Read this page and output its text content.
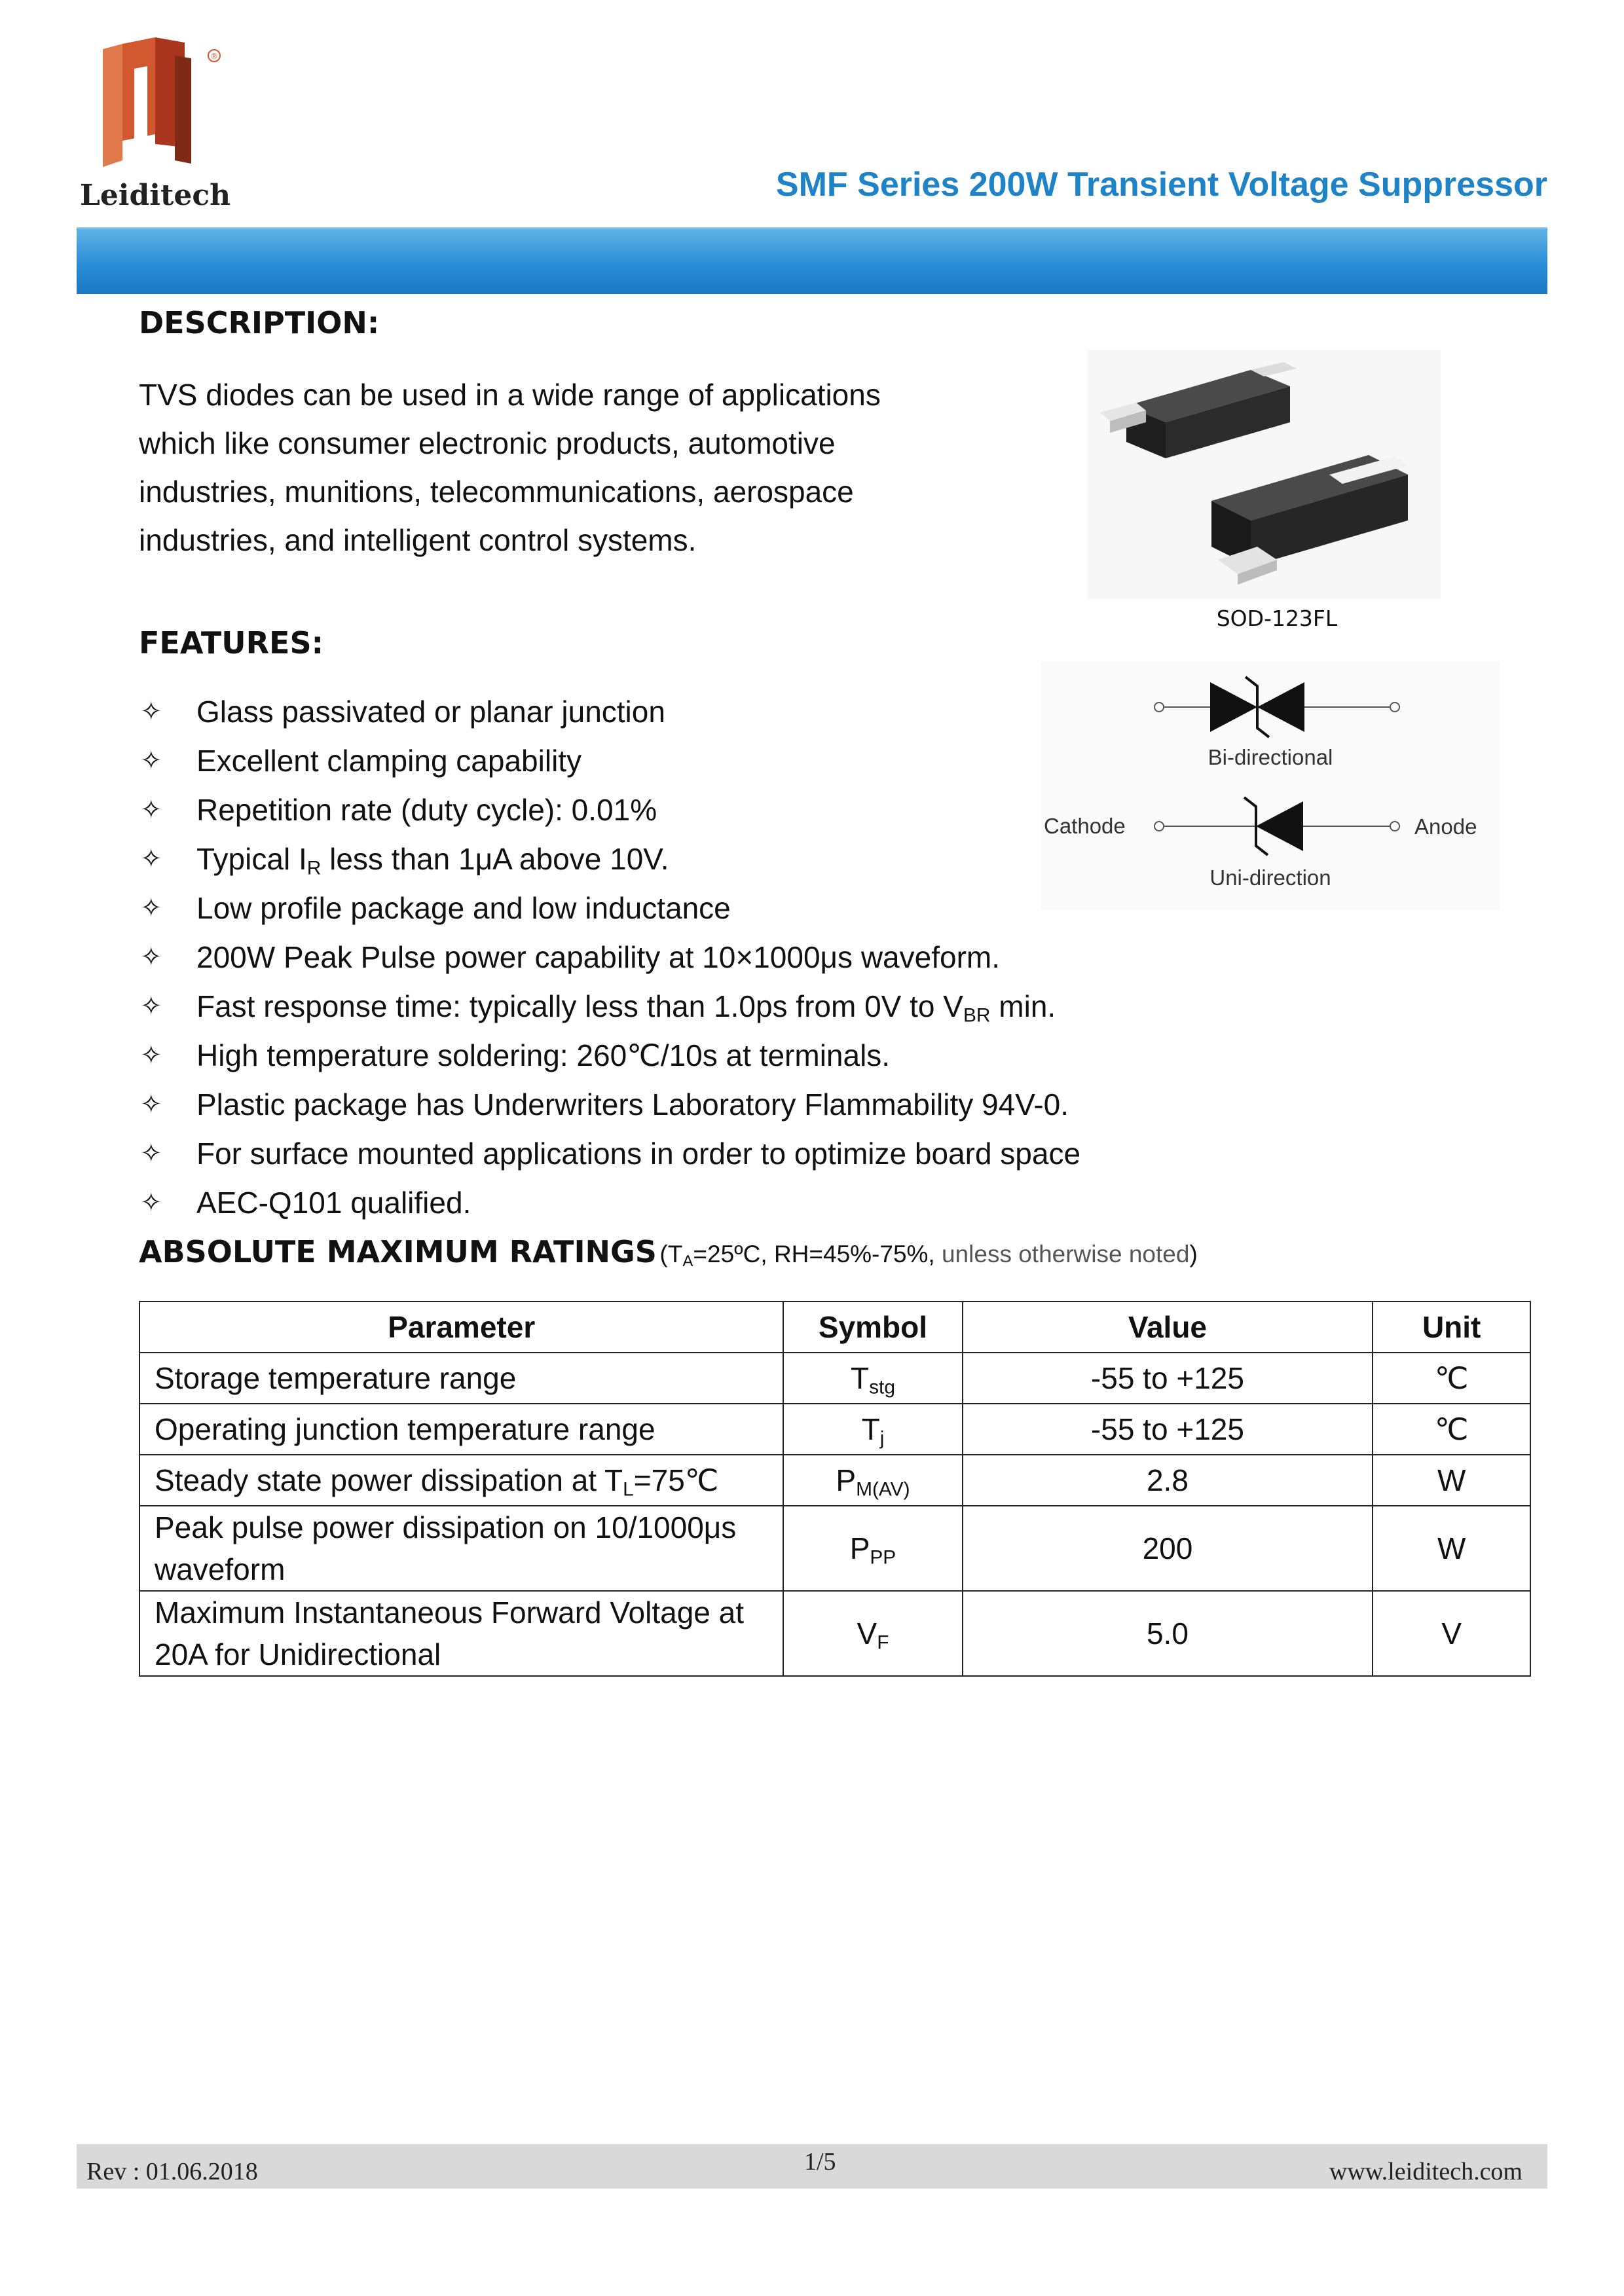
®
Leiditech	SMF Series 200W Transient Voltage Suppressor
DESCRIPTION:
TVS diodes can be used in a wide range of applications
which like consumer electronic products, automotive
industries, munitions, telecommunications, aerospace
industries, and intelligent control systems.
SOD-123FL
Bi-directional
Cathode	Anode
Uni-direction
FEATURES:
✧ Glass passivated or planar junction
✧ Excellent clamping capability
✧ Repetition rate (duty cycle): 0.01%
✧ Typical $I_R$ less than 1μA above 10V.
✧ Low profile package and low inductance
✧ 200W Peak Pulse power capability at 10×1000μs waveform.
✧ Fast response time: typically less than 1.0ps from 0V to $V_{BR}$ min.
✧ High temperature soldering: 260℃/10s at terminals.
✧ Plastic package has Underwriters Laboratory Flammability 94V-0.
✧ For surface mounted applications in order to optimize board space
✧ AEC-Q101 qualified.
ABSOLUTE MAXIMUM RATINGS ($T_A=25ºC$, RH=45%-75%, unless otherwise noted)
Parameter	Symbol	Value	Unit
Storage temperature range	$T_{stg}$	-55 to +125	℃
Operating junction temperature range	$T_j$	-55 to +125	℃
Steady state power dissipation at $T_L=75℃$	$P_{M(AV)}$	2.8	W
Peak pulse power dissipation on 10/1000μs waveform	$P_{PP}$	200	W
Maximum Instantaneous Forward Voltage at 20A for Unidirectional	$V_F$	5.0	V
Rev : 01.06.2018	1/5	www.leiditech.com
